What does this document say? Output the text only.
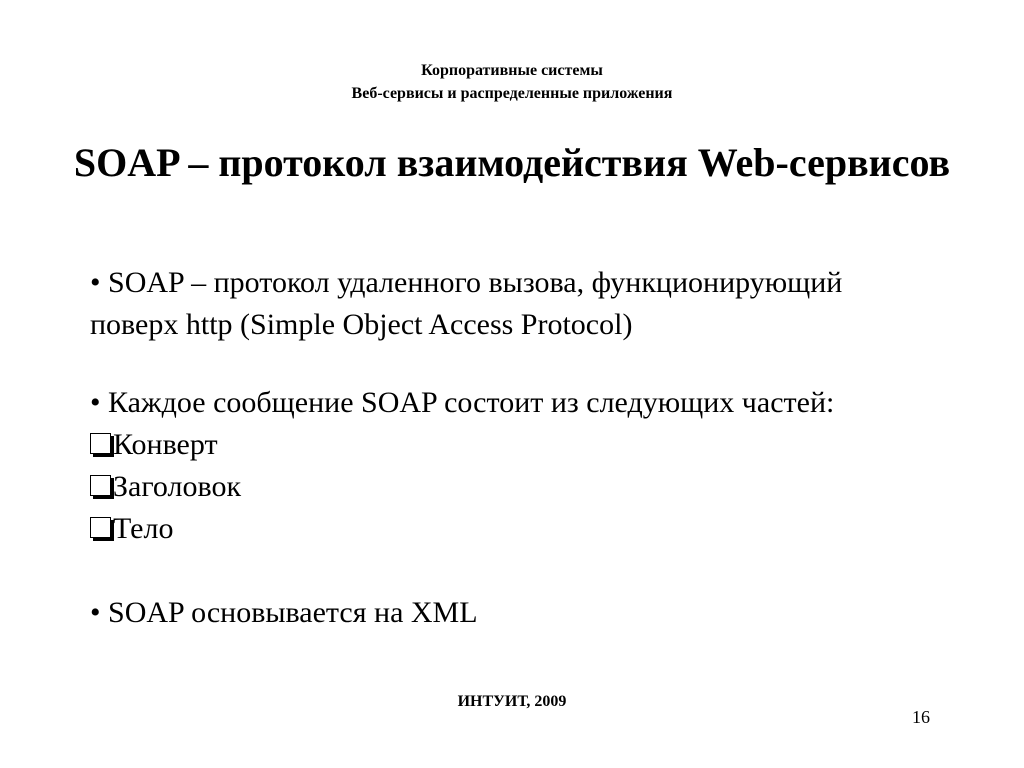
Корпоративные системы
Веб-сервисы и распределенные приложения
SOAP – протокол взаимодействия Web-сервисов

• SOAP – протокол удаленного вызова, функционирующий

поверх http (Simple Object Access Protocol)

• Каждое сообщение SOAP состоит из следующих частей:

Конверт

Заголовок

Тело

• SOAP основывается на XML

ИНТУИТ, 2009
16
